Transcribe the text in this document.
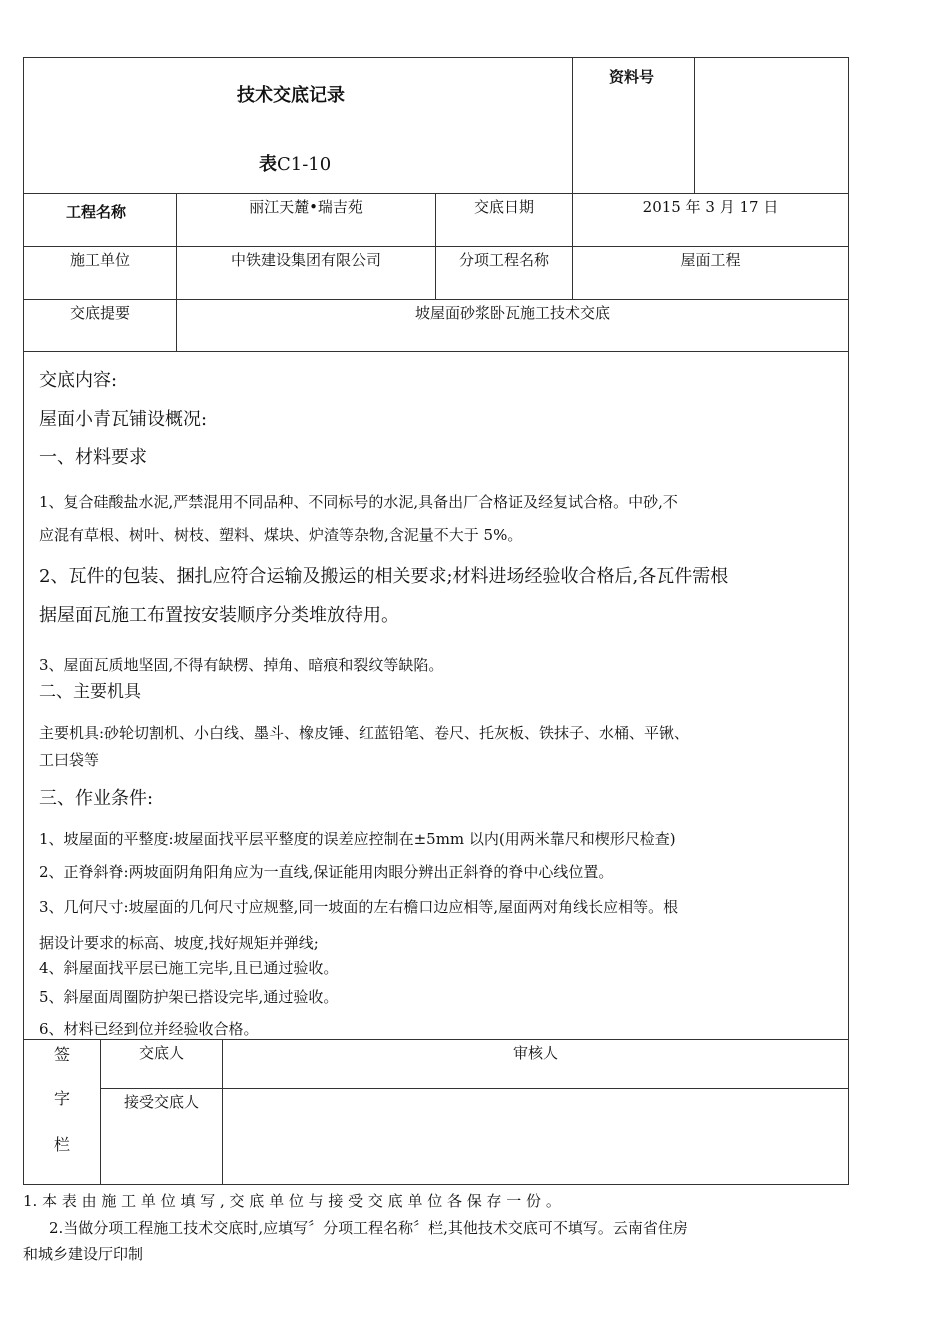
技术交底记录
表C1-10
资料号
工程名称	丽江天麓•瑞吉苑	交底日期	2015 年 3 月 17 日
施工单位	中铁建设集团有限公司	分项工程名称	屋面工程
交底提要	坡屋面砂浆卧瓦施工技术交底
交底内容:
屋面小青瓦铺设概况:
一、材料要求
1、复合硅酸盐水泥,严禁混用不同品种、不同标号的水泥,具备出厂合格证及经复试合格。中砂,不
应混有草根、树叶、树枝、塑料、煤块、炉渣等杂物,含泥量不大于 5%。
2、瓦件的包装、捆扎应符合运输及搬运的相关要求;材料进场经验收合格后,各瓦件需根
据屋面瓦施工布置按安装顺序分类堆放待用。
3、屋面瓦质地坚固,不得有缺楞、掉角、暗痕和裂纹等缺陷。
二、主要机具
主要机具:砂轮切割机、小白线、墨斗、橡皮锤、红蓝铅笔、卷尺、托灰板、铁抹子、水桶、平锹、
工曰袋等
三、作业条件:
1、坡屋面的平整度:坡屋面找平层平整度的误差应控制在±5mm 以内(用两米靠尺和楔形尺检查)
2、正脊斜脊:两坡面阴角阳角应为一直线,保证能用肉眼分辨出正斜脊的脊中心线位置。
3、几何尺寸:坡屋面的几何尺寸应规整,同一坡面的左右檐口边应相等,屋面两对角线长应相等。根
据设计要求的标高、坡度,找好规矩并弹线;
4、斜屋面找平层已施工完毕,且已通过验收。
5、斜屋面周圈防护架已搭设完毕,通过验收。
6、材料已经到位并经验收合格。
签
字
栏
交底人	审核人
接受交底人
1. 本 表 由 施 工 单 位 填 写 , 交 底 单 位 与 接 受 交 底 单 位 各 保 存 一 份 。
2.当做分项工程施工技术交底时,应填写〞分项工程名称〞栏,其他技术交底可不填写。云南省住房
和城乡建设厅印制
